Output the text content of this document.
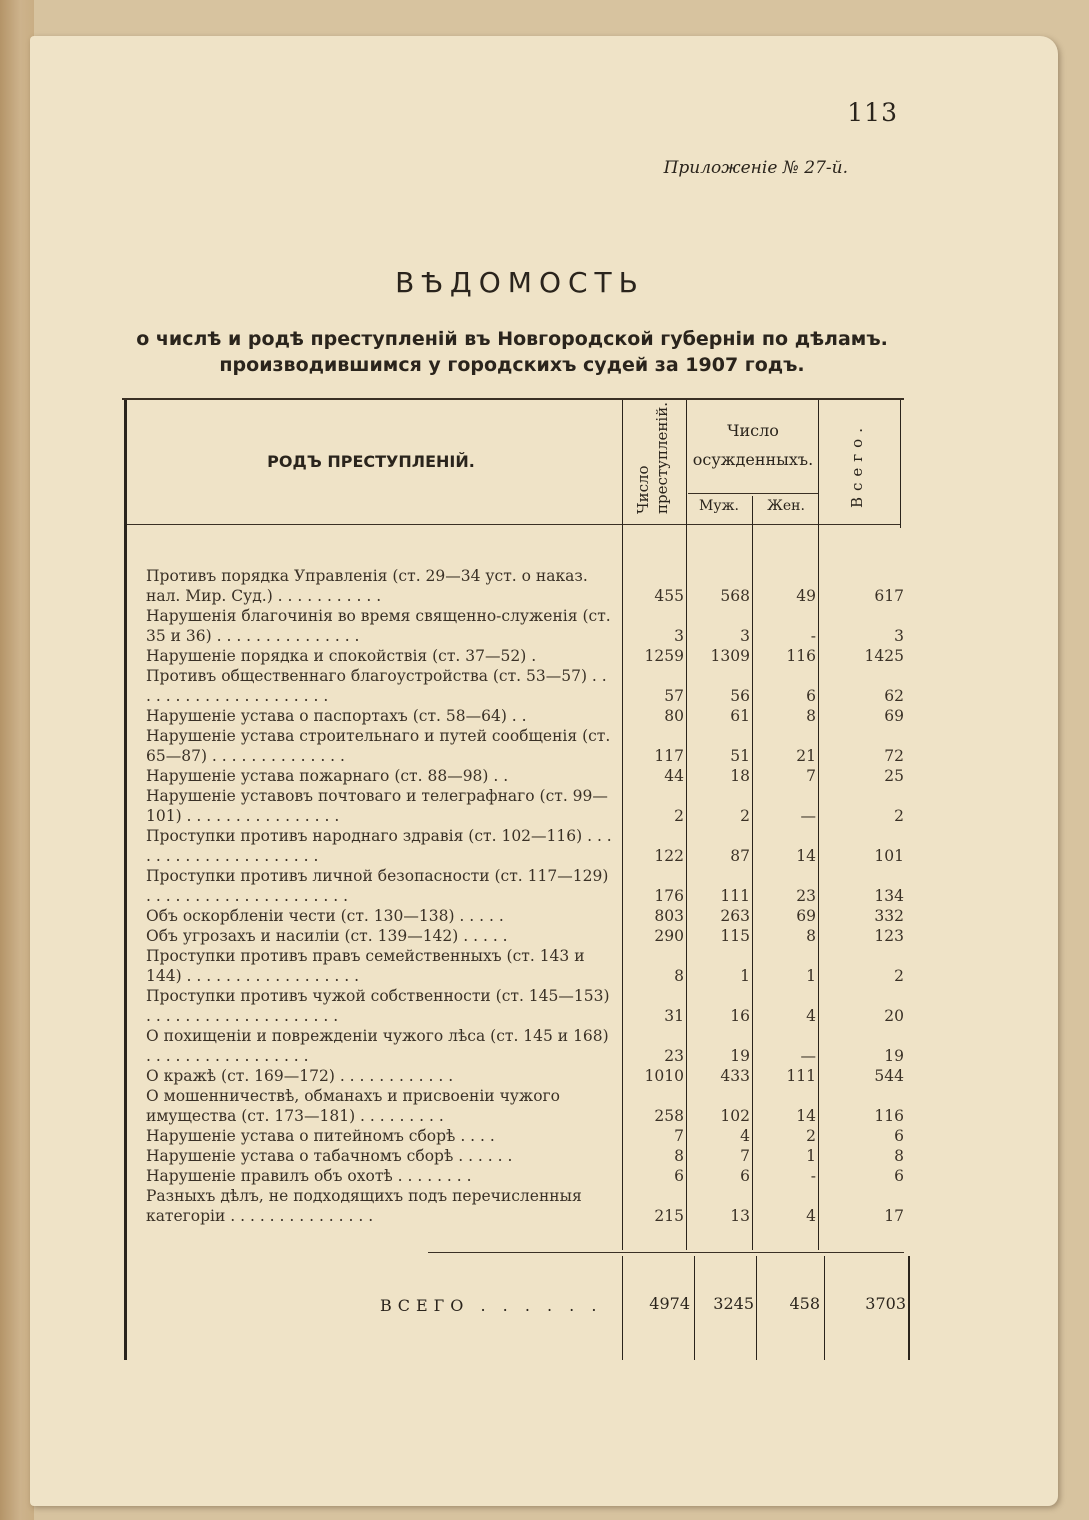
113
Приложеніе № 27-й.
ВѢДОМОСТЬ
о числѣ и родѣ преступленій въ Новгородской губерніи по дѣламъ. производившимся у городскихъ судей за 1907 годъ.
РОДЪ ПРЕСТУПЛЕНІЙ.
Число преступленій.	Число осужденныхъ.
Муж.	Жен.	Всего.
Противъ порядка Управленія (ст. 29—34 уст. о наказ. нал. Мир. Суд.) . . . . . . . . . . .	455	568	49	617
Нарушенія благочинія во время священно-служенія (ст. 35 и 36) . . . . . . . . . . . . . . .	3	3	-	3
Нарушеніе порядка и спокойствія (ст. 37—52) .	1259	1309	116	1425
Противъ общественнаго благоустройства (ст. 53—57) . . . . . . . . . . . . . . . . . . . . .	57	56	6	62
Нарушеніе устава о паспортахъ (ст. 58—64) . .	80	61	8	69
Нарушеніе устава строительнаго и путей сообщенія (ст. 65—87) . . . . . . . . . . . . . .	117	51	21	72
Нарушеніе устава пожарнаго (ст. 88—98) . .	44	18	7	25
Нарушеніе уставовъ почтоваго и телеграфнаго (ст. 99—101) . . . . . . . . . . . . . . . .	2	2	—	2
Проступки противъ народнаго здравія (ст. 102—116) . . . . . . . . . . . . . . . . . . . . .	122	87	14	101
Проступки противъ личной безопасности (ст. 117—129) . . . . . . . . . . . . . . . . . . . . .	176	111	23	134
Объ оскорбленіи чести (ст. 130—138) . . . . .	803	263	69	332
Объ угрозахъ и насиліи (ст. 139—142) . . . . .	290	115	8	123
Проступки противъ правъ семейственныхъ (ст. 143 и 144) . . . . . . . . . . . . . . . . . .	8	1	1	2
Проступки противъ чужой собственности (ст. 145—153) . . . . . . . . . . . . . . . . . . . .	31	16	4	20
О похищеніи и поврежденіи чужого лѣса (ст. 145 и 168) . . . . . . . . . . . . . . . . .	23	19	—	19
О кражѣ (ст. 169—172) . . . . . . . . . . . .	1010	433	111	544
О мошенничествѣ, обманахъ и присвоеніи чужого имущества (ст. 173—181) . . . . . . . . .	258	102	14	116
Нарушеніе устава о питейномъ сборѣ . . . .	7	4	2	6
Нарушеніе устава о табачномъ сборѣ . . . . . .	8	7	1	8
Нарушеніе правилъ объ охотѣ . . . . . . . .	6	6	-	6
Разныхъ дѣлъ, не подходящихъ подъ перечисленныя категоріи . . . . . . . . . . . . . . .	215	13	4	17
ВСЕГО . . . . . .	4974	3245	458	3703
